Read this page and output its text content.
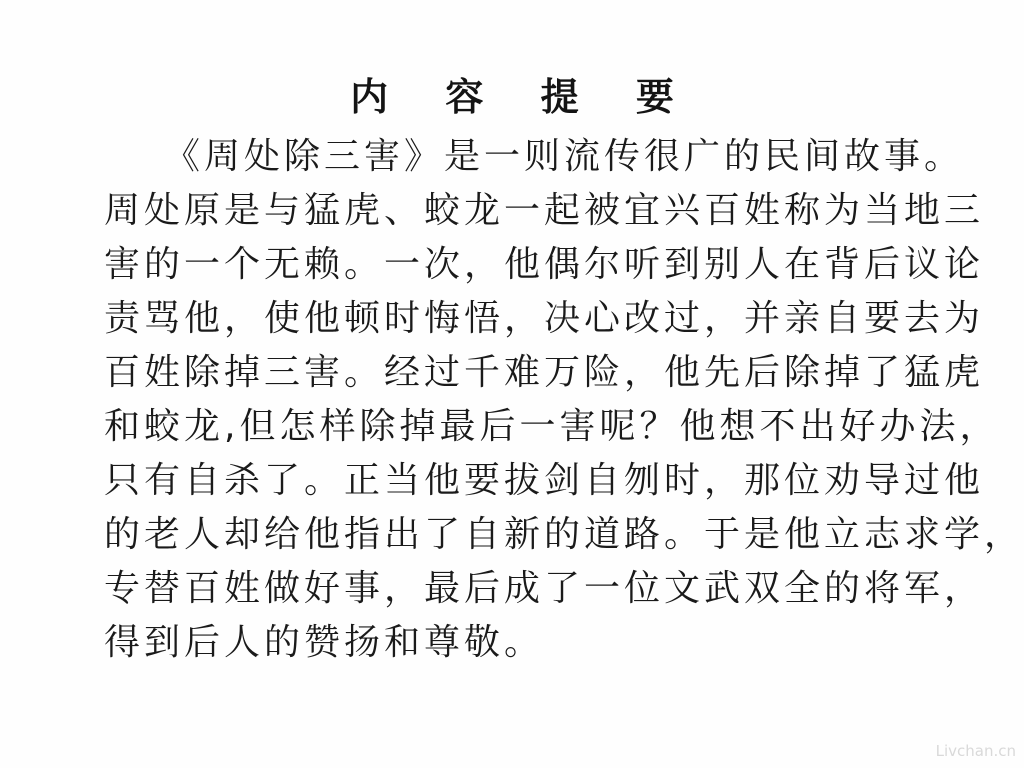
内 容 提 要
《周处除三害》是一则流传很广的民间故事。
周处原是与猛虎、蛟龙一起被宜兴百姓称为当地三
害的一个无赖。一次，他偶尔听到别人在背后议论
责骂他，使他顿时悔悟，决心改过，并亲自要去为
百姓除掉三害。经过千难万险，他先后除掉了猛虎
和蛟龙,但怎样除掉最后一害呢？他想不出好办法，
只有自杀了。正当他要拔剑自刎时，那位劝导过他
的老人却给他指出了自新的道路。于是他立志求学，
专替百姓做好事，最后成了一位文武双全的将军，
得到后人的赞扬和尊敬。
Livchan.cn
